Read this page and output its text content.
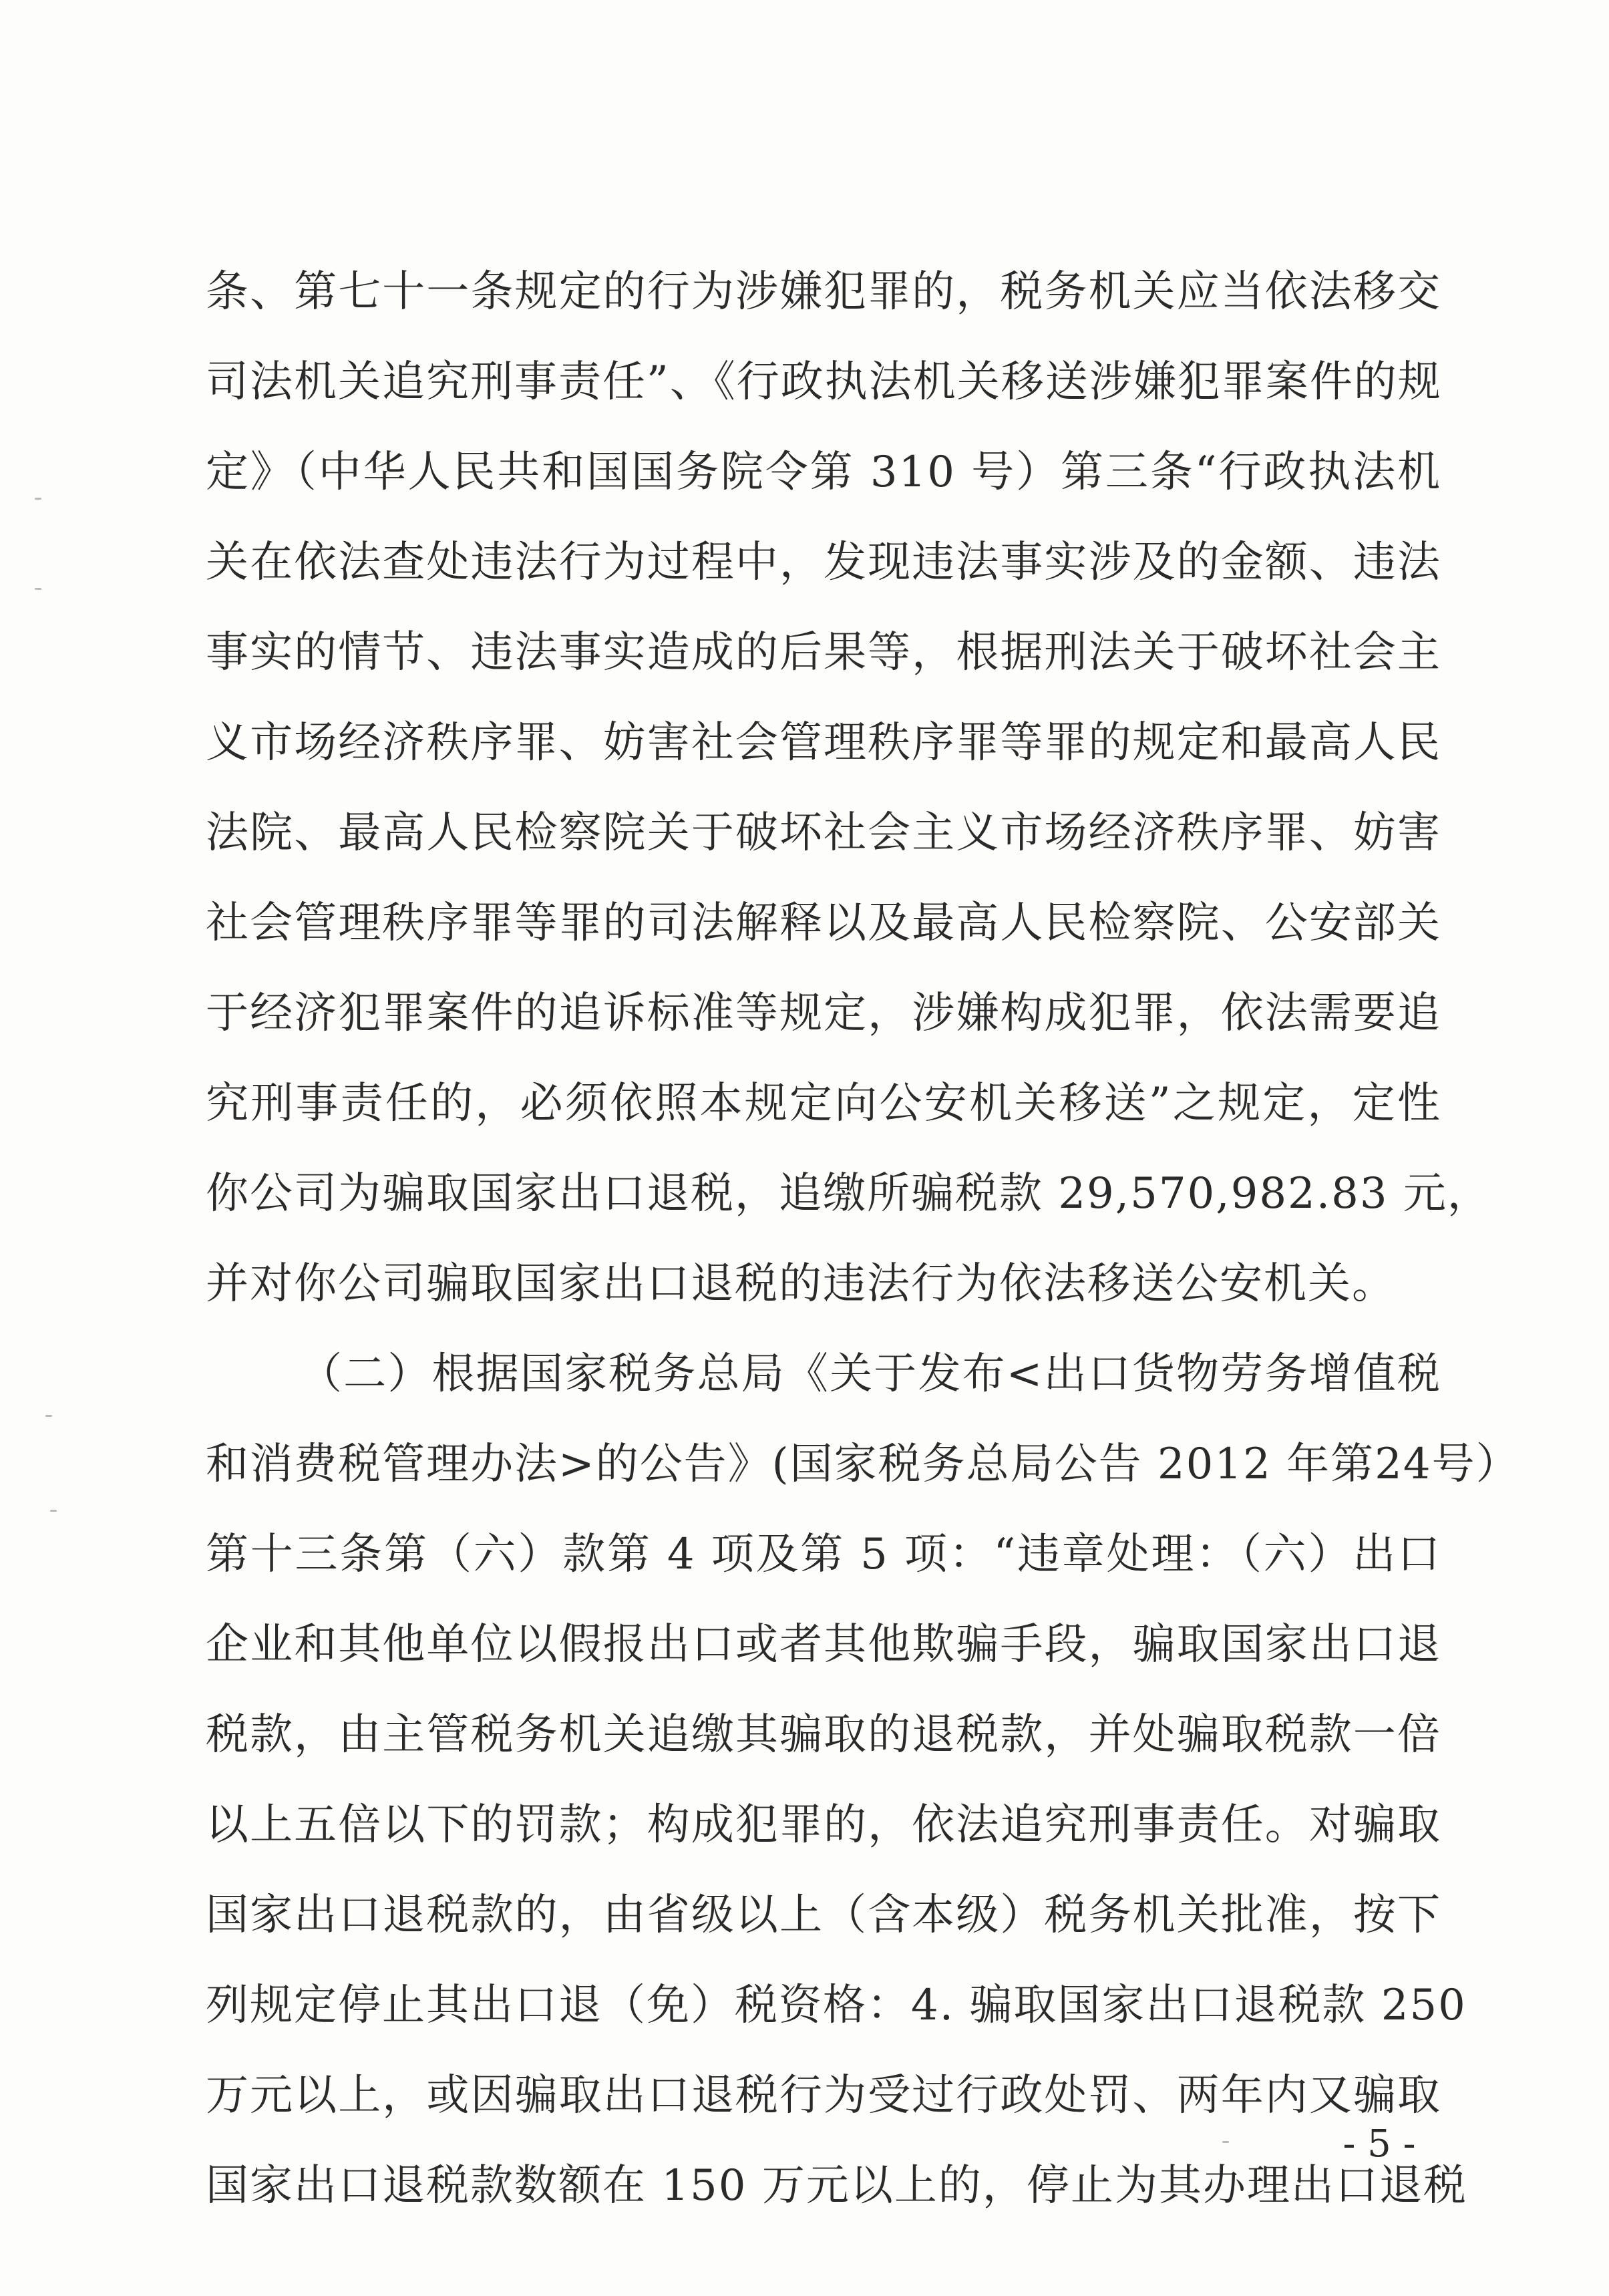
条、第七十一条规定的行为涉嫌犯罪的，税务机关应当依法移交
司法机关追究刑事责任”、《行政执法机关移送涉嫌犯罪案件的规
定》（中华人民共和国国务院令第 310 号）第三条“行政执法机
关在依法查处违法行为过程中，发现违法事实涉及的金额、违法
事实的情节、违法事实造成的后果等，根据刑法关于破坏社会主
义市场经济秩序罪、妨害社会管理秩序罪等罪的规定和最高人民
法院、最高人民检察院关于破坏社会主义市场经济秩序罪、妨害
社会管理秩序罪等罪的司法解释以及最高人民检察院、公安部关
于经济犯罪案件的追诉标准等规定，涉嫌构成犯罪，依法需要追
究刑事责任的，必须依照本规定向公安机关移送”之规定，定性
你公司为骗取国家出口退税，追缴所骗税款 29,570,982.83 元，
并对你公司骗取国家出口退税的违法行为依法移送公安机关。
（二）根据国家税务总局《关于发布<出口货物劳务增值税
和消费税管理办法>的公告》(国家税务总局公告 2012 年第24号）
第十三条第（六）款第 4 项及第 5 项：“违章处理：（六）出口
企业和其他单位以假报出口或者其他欺骗手段，骗取国家出口退
税款，由主管税务机关追缴其骗取的退税款，并处骗取税款一倍
以上五倍以下的罚款；构成犯罪的，依法追究刑事责任。对骗取
国家出口退税款的，由省级以上（含本级）税务机关批准，按下
列规定停止其出口退（免）税资格：4. 骗取国家出口退税款 250
万元以上，或因骗取出口退税行为受过行政处罚、两年内又骗取
国家出口退税款数额在 150 万元以上的，停止为其办理出口退税
- 5 -
